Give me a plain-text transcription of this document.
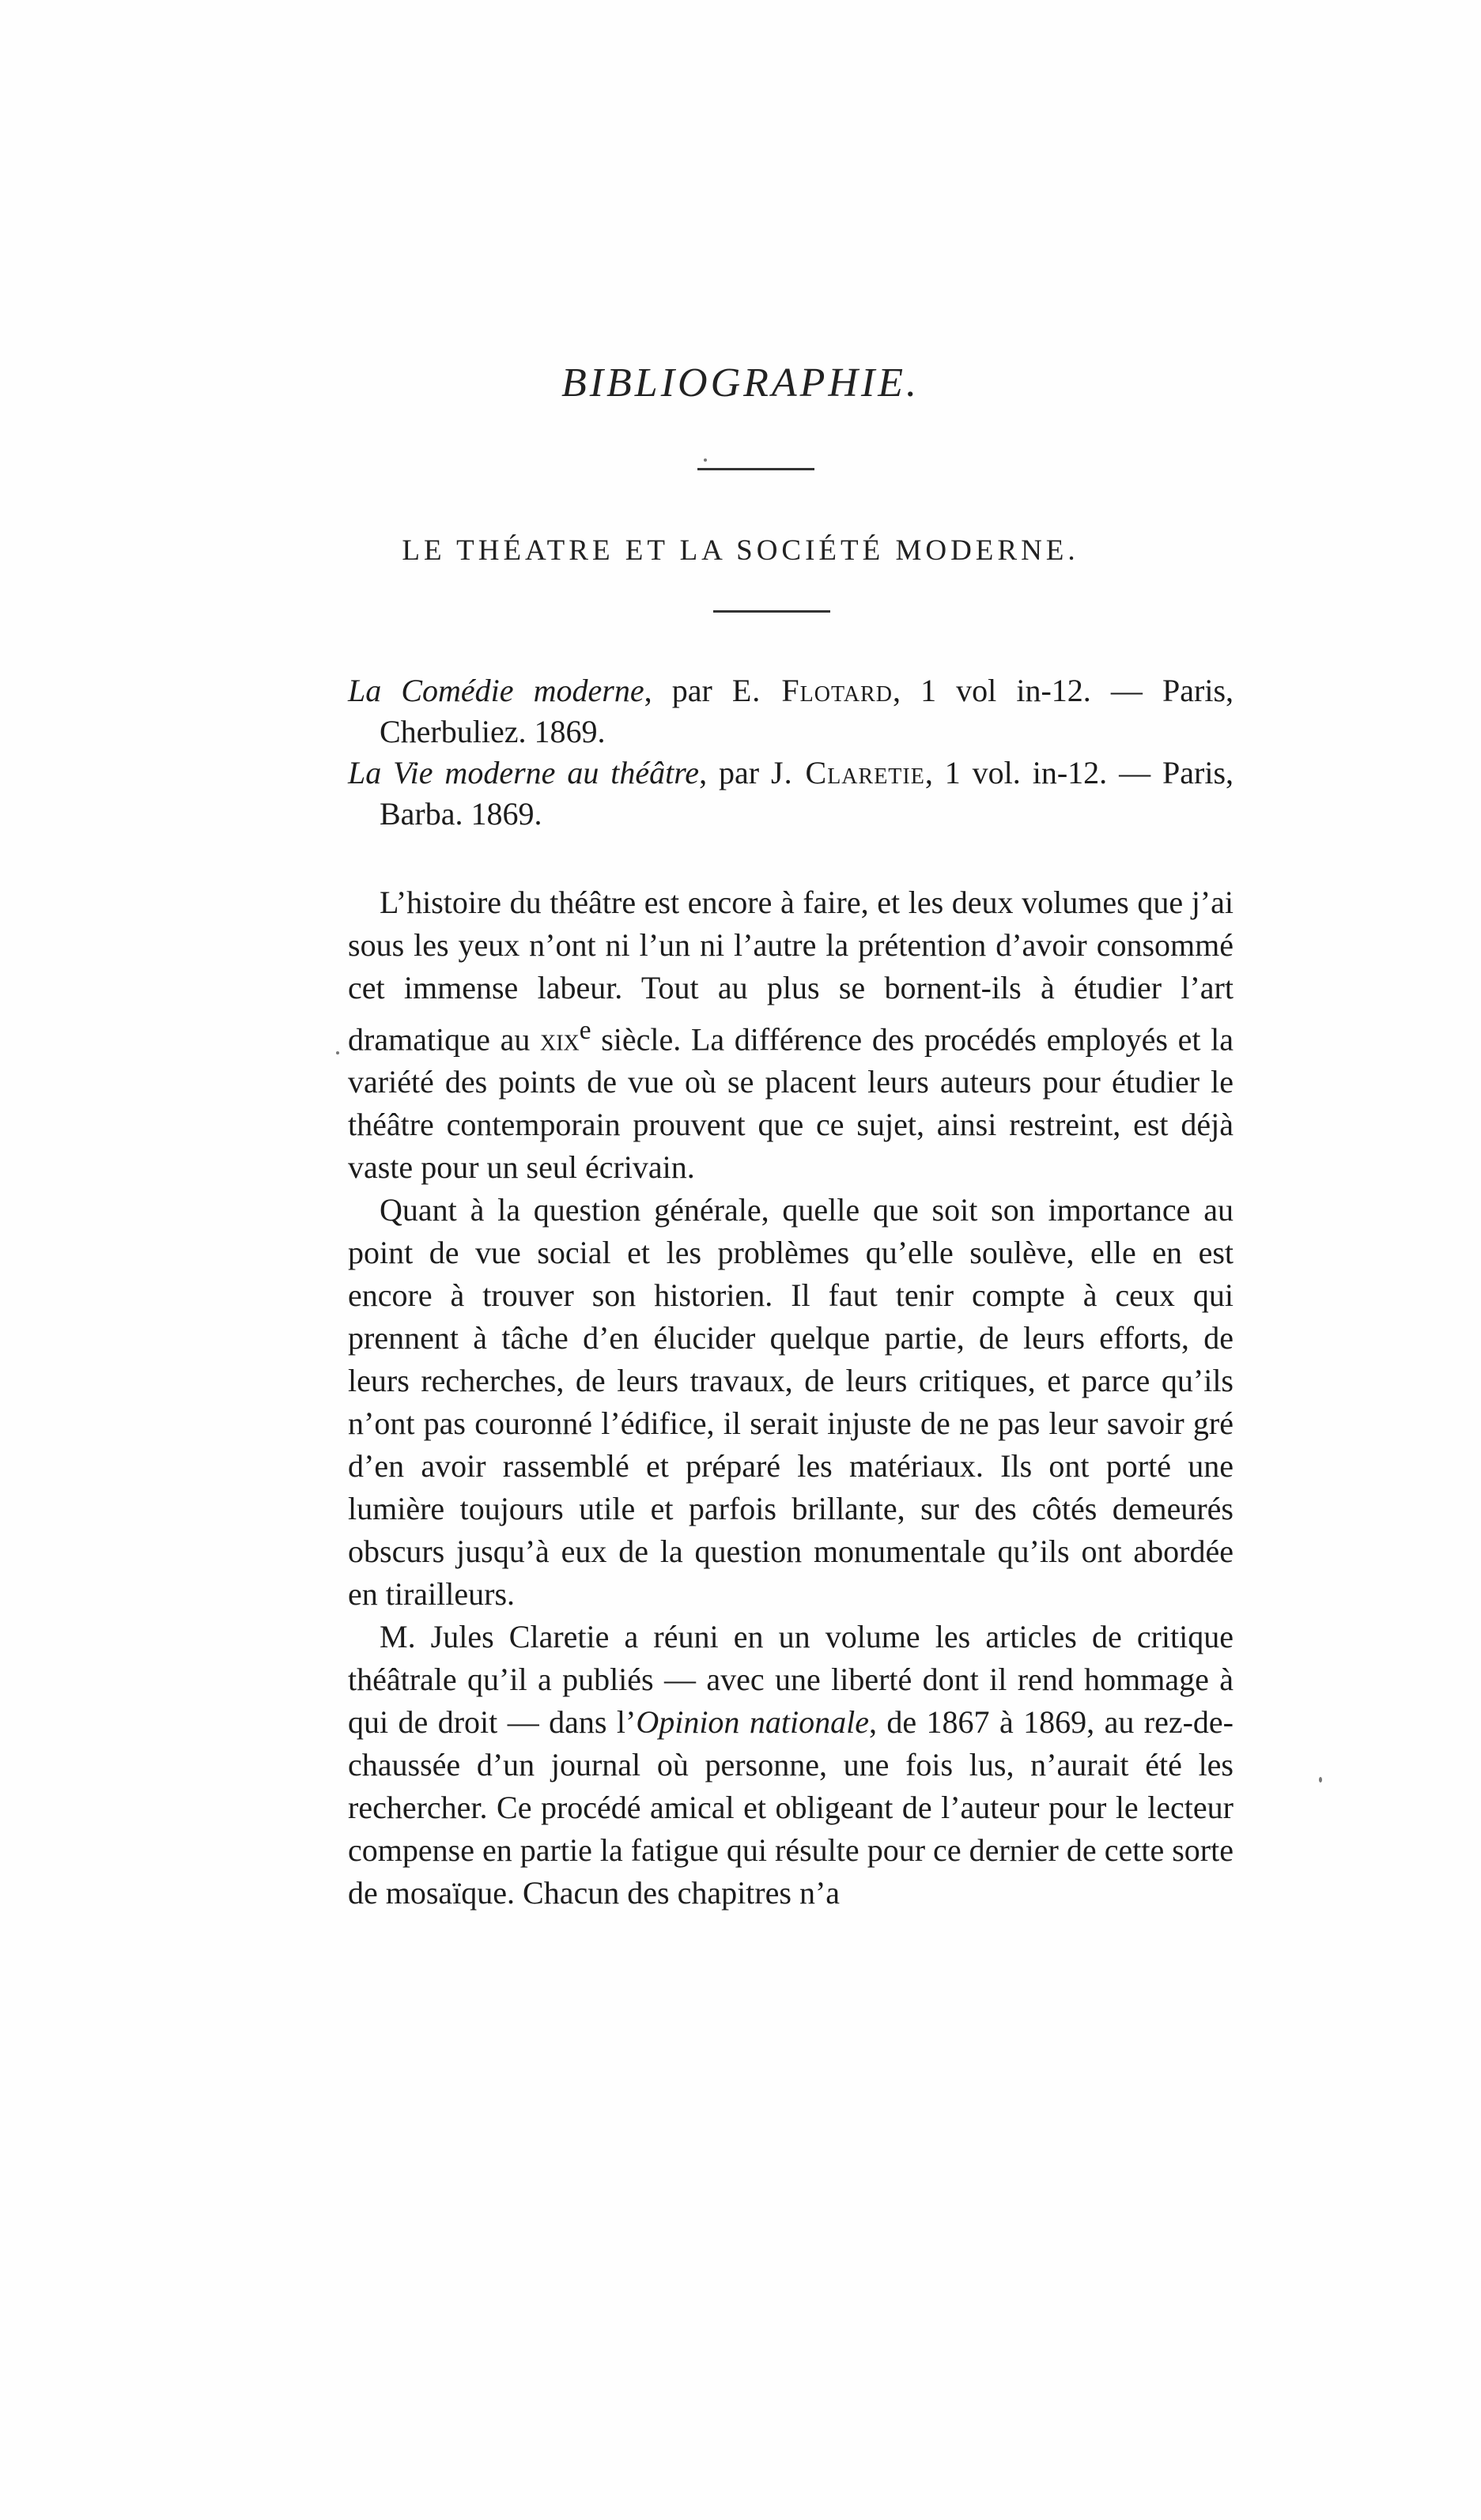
BIBLIOGRAPHIE.
LE THÉATRE ET LA SOCIÉTÉ MODERNE.

La Comédie moderne, par E. Flotard, 1 vol in-12. — Paris, Cherbuliez. 1869.

La Vie moderne au théâtre, par J. Claretie, 1 vol. in-12. — Paris, Barba. 1869.

L’histoire du théâtre est encore à faire, et les deux volumes que j’ai sous les yeux n’ont ni l’un ni l’autre la prétention d’avoir consommé cet immense labeur. Tout au plus se bornent-ils à étudier l’art dramatique au xix$^e$ siècle. La différence des procédés employés et la variété des points de vue où se placent leurs auteurs pour étudier le théâtre contemporain prouvent que ce sujet, ainsi restreint, est déjà vaste pour un seul écrivain.

Quant à la question générale, quelle que soit son importance au point de vue social et les problèmes qu’elle soulève, elle en est encore à trouver son historien. Il faut tenir compte à ceux qui prennent à tâche d’en élucider quelque partie, de leurs efforts, de leurs recherches, de leurs travaux, de leurs critiques, et parce qu’ils n’ont pas couronné l’édifice, il serait injuste de ne pas leur savoir gré d’en avoir rassemblé et préparé les matériaux. Ils ont porté une lumière toujours utile et parfois brillante, sur des côtés demeurés obscurs jusqu’à eux de la question monumentale qu’ils ont abordée en tirailleurs.

M. Jules Claretie a réuni en un volume les articles de critique théâtrale qu’il a publiés — avec une liberté dont il rend hommage à qui de droit — dans l’Opinion nationale, de 1867 à 1869, au rez-de-chaussée d’un journal où personne, une fois lus, n’aurait été les rechercher. Ce procédé amical et obligeant de l’auteur pour le lecteur compense en partie la fatigue qui résulte pour ce dernier de cette sorte de mosaïque. Chacun des chapitres n’a
